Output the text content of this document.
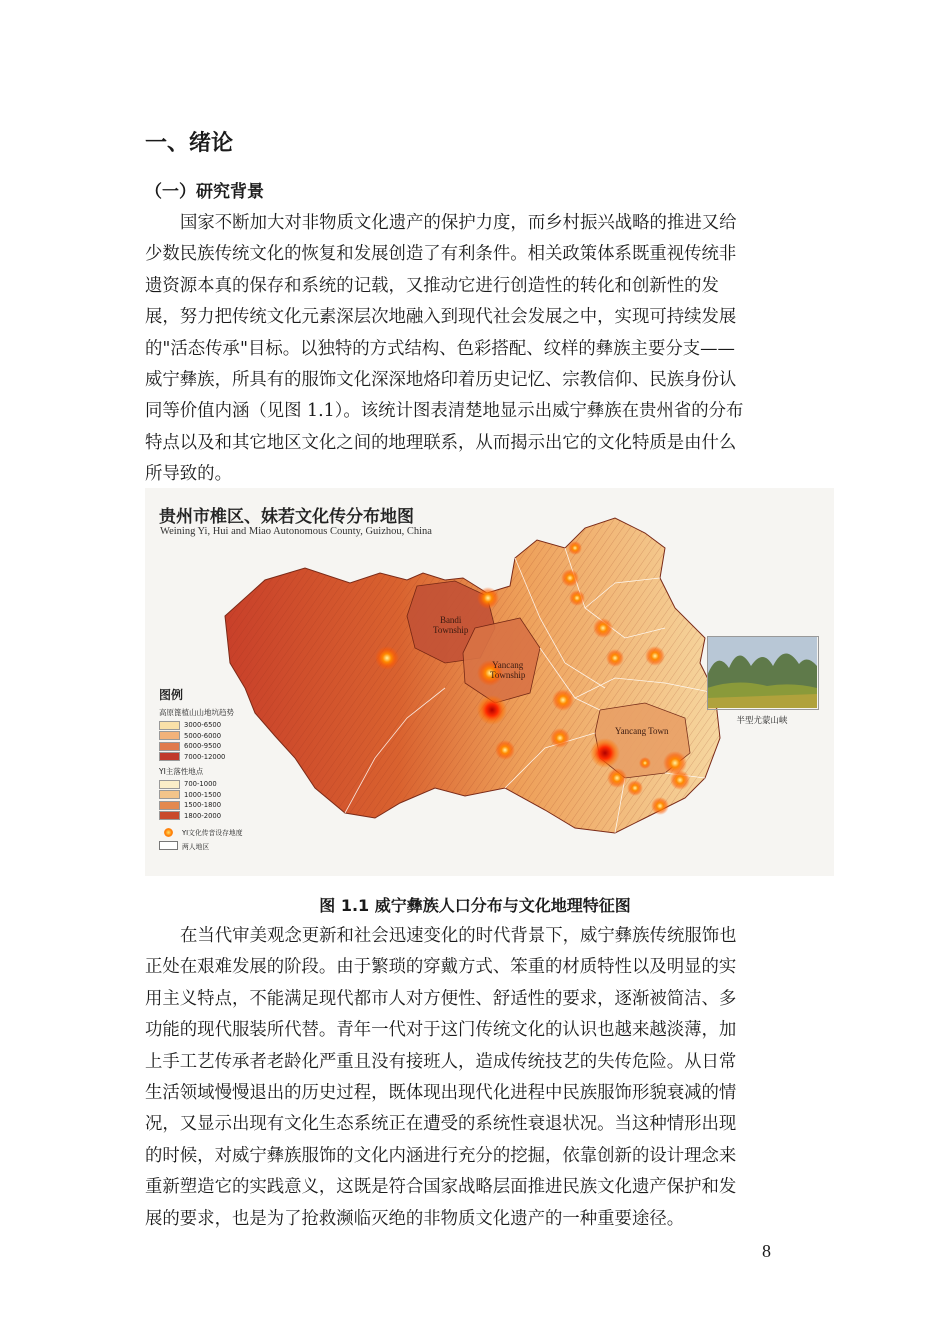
一、绪论
（一）研究背景
国家不断加大对非物质文化遗产的保护力度，而乡村振兴战略的推进又给
少数民族传统文化的恢复和发展创造了有利条件。相关政策体系既重视传统非
遗资源本真的保存和系统的记载，又推动它进行创造性的转化和创新性的发
展，努力把传统文化元素深层次地融入到现代社会发展之中，实现可持续发展
的"活态传承"目标。以独特的方式结构、色彩搭配、纹样的彝族主要分支——
威宁彝族，所具有的服饰文化深深地烙印着历史记忆、宗教信仰、民族身份认
同等价值内涵（见图 1.1）。该统计图表清楚地显示出威宁彝族在贵州省的分布
特点以及和其它地区文化之间的地理联系，从而揭示出它的文化特质是由什么
所导致的。
贵州市椎区、妹若文化传分布地图
Weining Yi, Hui and Miao Autonomous County, Guizhou, China
Bandi
Township
Yancang
Township
Yancang Town
半型尤蒙山峡
图例
高原篦植山山地坑趋势
3000-6500
5000-6000
6000-9500
7000-12000
YI主落性地点
700-1000
1000-1500
1500-1800
1800-2000
YI文化传音设存地度
两人地区
图 1.1 威宁彝族人口分布与文化地理特征图
在当代审美观念更新和社会迅速变化的时代背景下，威宁彝族传统服饰也
正处在艰难发展的阶段。由于繁琐的穿戴方式、笨重的材质特性以及明显的实
用主义特点，不能满足现代都市人对方便性、舒适性的要求，逐渐被简洁、多
功能的现代服装所代替。青年一代对于这门传统文化的认识也越来越淡薄，加
上手工艺传承者老龄化严重且没有接班人，造成传统技艺的失传危险。从日常
生活领域慢慢退出的历史过程，既体现出现代化进程中民族服饰形貌衰减的情
况，又显示出现有文化生态系统正在遭受的系统性衰退状况。当这种情形出现
的时候，对威宁彝族服饰的文化内涵进行充分的挖掘，依靠创新的设计理念来
重新塑造它的实践意义，这既是符合国家战略层面推进民族文化遗产保护和发
展的要求，也是为了抢救濒临灭绝的非物质文化遗产的一种重要途径。
8
